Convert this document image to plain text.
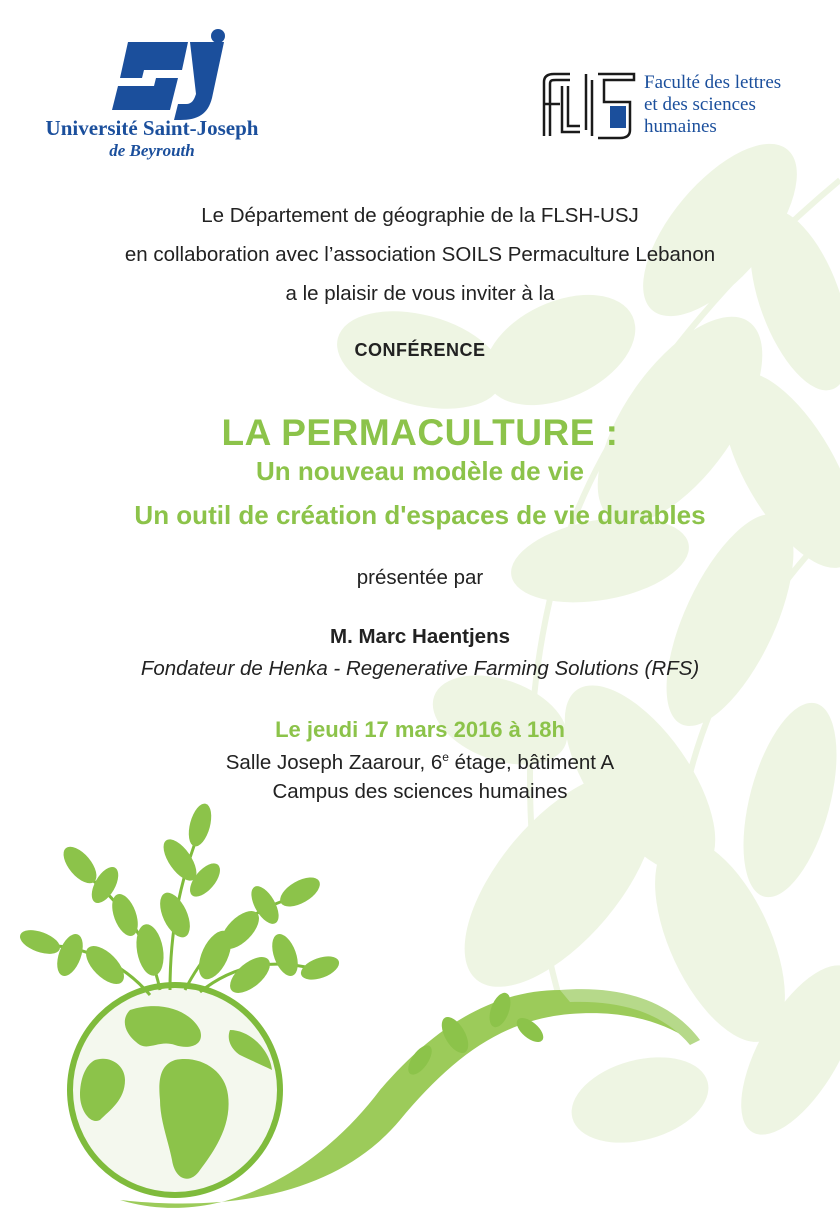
Université Saint-Joseph
de Beyrouth
Faculté des lettres
et des sciences
humaines
Le Département de géographie de la FLSH-USJ
en collaboration avec l’association SOILS Permaculture Lebanon
a le plaisir de vous inviter à la
CONFÉRENCE
LA PERMACULTURE :
Un nouveau modèle de vie
Un outil de création d'espaces de vie durables
présentée par
M. Marc Haentjens
Fondateur de Henka - Regenerative Farming Solutions (RFS)
Le jeudi 17 mars 2016 à 18h
Salle Joseph Zaarour, 6e étage, bâtiment A
Campus des sciences humaines
